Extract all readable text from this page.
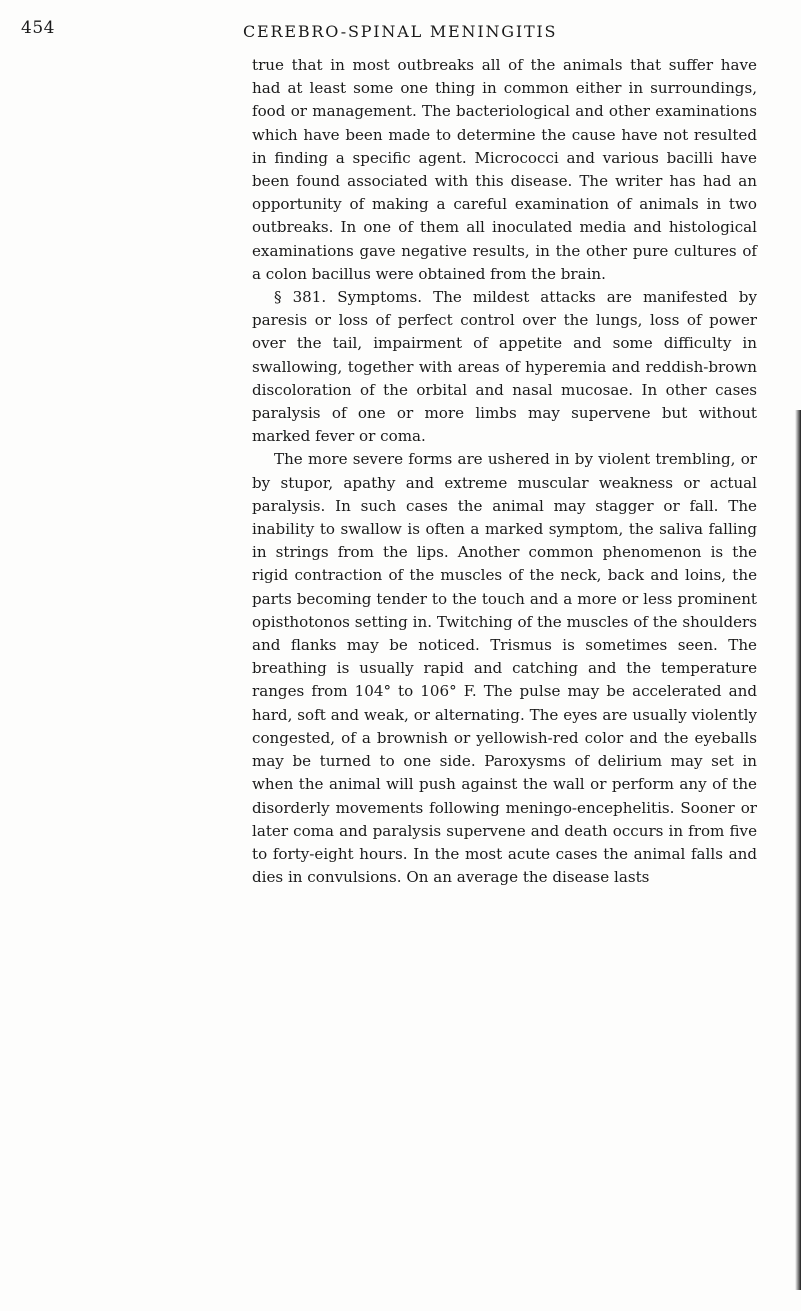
454	CEREBRO-SPINAL MENINGITIS

true that in most outbreaks all of the animals that suffer have had at least some one thing in common either in surroundings, food or management. The bacteriological and other examinations which have been made to determine the cause have not resulted in finding a specific agent. Micrococci and various bacilli have been found associated with this disease. The writer has had an opportunity of making a careful examination of animals in two outbreaks. In one of them all inoculated media and histological examinations gave negative results, in the other pure cultures of a colon bacillus were obtained from the brain.

§ 381. Symptoms. The mildest attacks are manifested by paresis or loss of perfect control over the lungs, loss of power over the tail, impairment of appetite and some difficulty in swallowing, together with areas of hyperemia and reddish-brown discoloration of the orbital and nasal mucosae. In other cases paralysis of one or more limbs may supervene but without marked fever or coma.

The more severe forms are ushered in by violent trembling, or by stupor, apathy and extreme muscular weakness or actual paralysis. In such cases the animal may stagger or fall. The inability to swallow is often a marked symptom, the saliva falling in strings from the lips. Another common phenomenon is the rigid contraction of the muscles of the neck, back and loins, the parts becoming tender to the touch and a more or less prominent opisthotonos setting in. Twitching of the muscles of the shoulders and flanks may be noticed. Trismus is sometimes seen. The breathing is usually rapid and catching and the temperature ranges from 104° to 106° F. The pulse may be accelerated and hard, soft and weak, or alternating. The eyes are usually violently congested, of a brownish or yellowish-red color and the eyeballs may be turned to one side. Paroxysms of delirium may set in when the animal will push against the wall or perform any of the disorderly movements following meningo-encephelitis. Sooner or later coma and paralysis supervene and death occurs in from five to forty-eight hours. In the most acute cases the animal falls and dies in convulsions. On an average the disease lasts
